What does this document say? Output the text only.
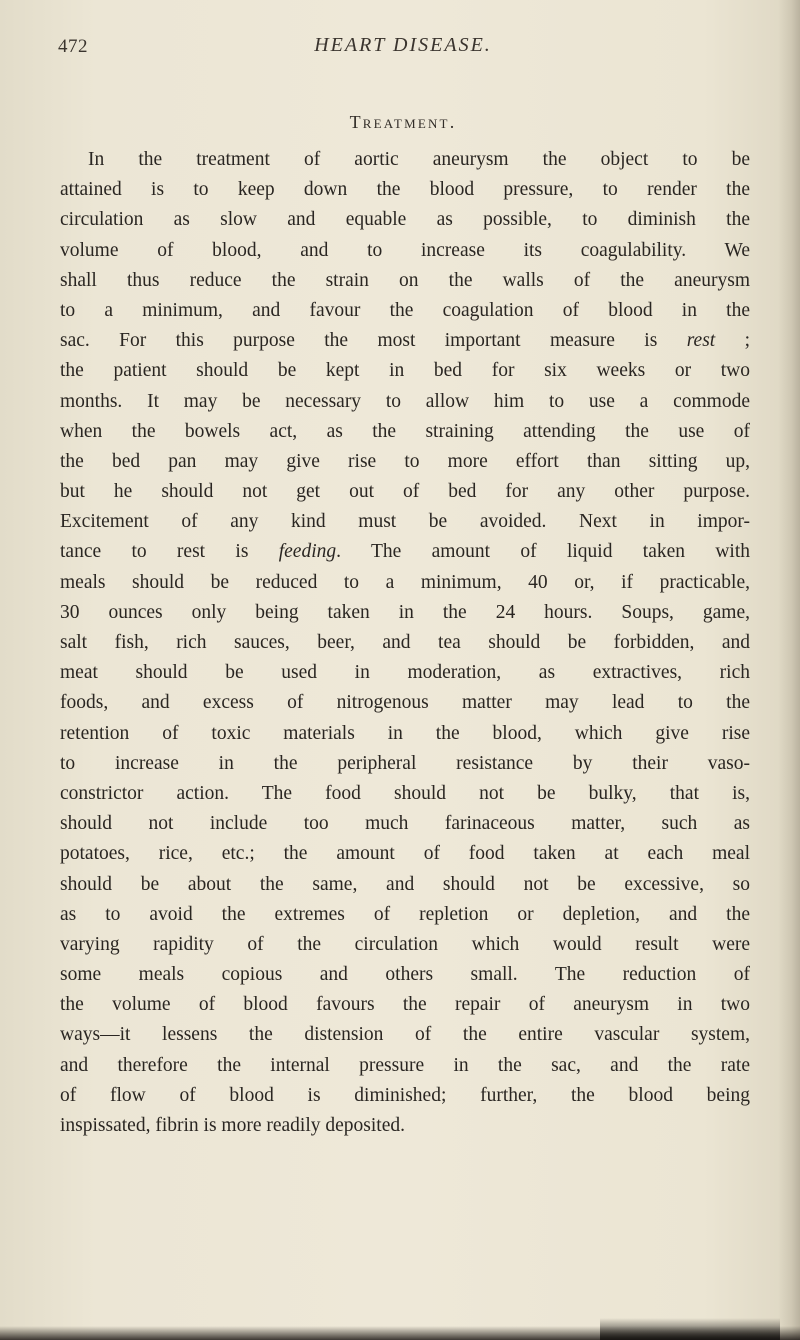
472	HEART DISEASE.
Treatment.
In the treatment of aortic aneurysm the object to be
attained is to keep down the blood pressure, to render the
circulation as slow and equable as possible, to diminish the
volume of blood, and to increase its coagulability. We
shall thus reduce the strain on the walls of the aneurysm
to a minimum, and favour the coagulation of blood in the
sac. For this purpose the most important measure is rest ;
the patient should be kept in bed for six weeks or two
months. It may be necessary to allow him to use a commode
when the bowels act, as the straining attending the use of
the bed pan may give rise to more effort than sitting up,
but he should not get out of bed for any other purpose.
Excitement of any kind must be avoided. Next in impor-
tance to rest is feeding. The amount of liquid taken with
meals should be reduced to a minimum, 40 or, if practicable,
30 ounces only being taken in the 24 hours. Soups, game,
salt fish, rich sauces, beer, and tea should be forbidden, and
meat should be used in moderation, as extractives, rich
foods, and excess of nitrogenous matter may lead to the
retention of toxic materials in the blood, which give rise
to increase in the peripheral resistance by their vaso-
constrictor action. The food should not be bulky, that is,
should not include too much farinaceous matter, such as
potatoes, rice, etc.; the amount of food taken at each meal
should be about the same, and should not be excessive, so
as to avoid the extremes of repletion or depletion, and the
varying rapidity of the circulation which would result were
some meals copious and others small. The reduction of
the volume of blood favours the repair of aneurysm in two
ways—it lessens the distension of the entire vascular system,
and therefore the internal pressure in the sac, and the rate
of flow of blood is diminished; further, the blood being
inspissated, fibrin is more readily deposited.
